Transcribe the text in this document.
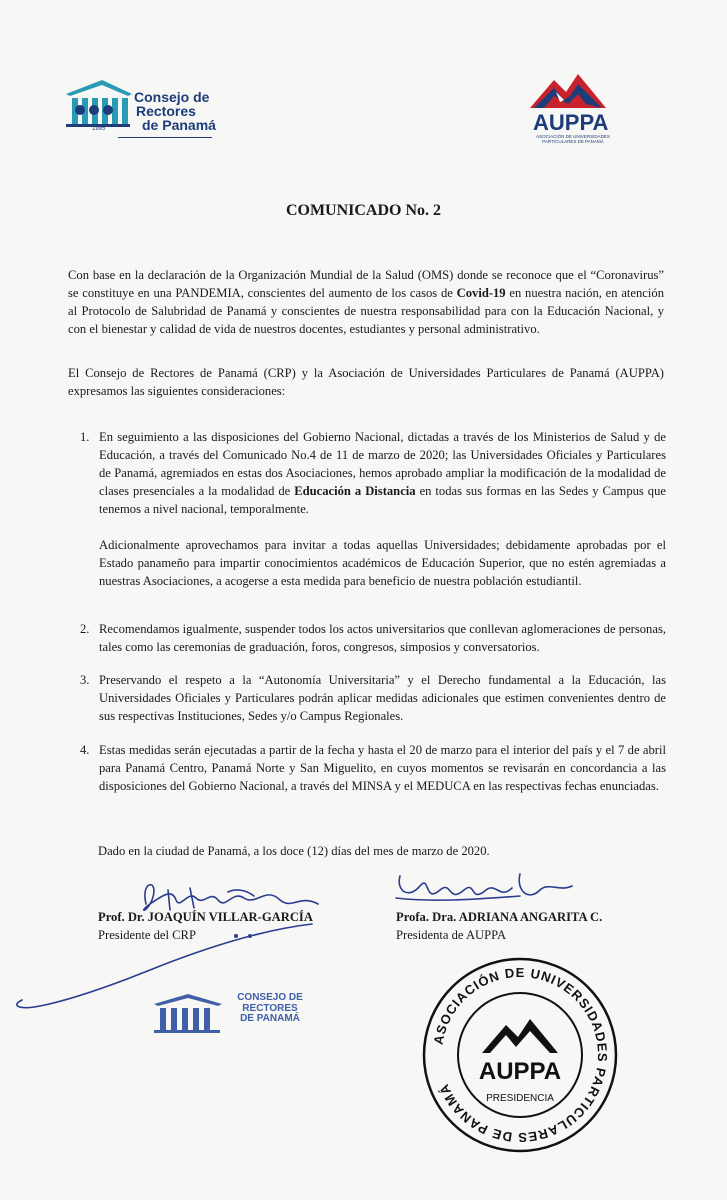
Consejo de
Rectores
de Panamá
1995	AUPPA
ASOCIACIÓN DE UNIVERSIDADES PARTICULARES DE PANAMÁ
COMUNICADO No. 2
Con base en la declaración de la Organización Mundial de la Salud (OMS) donde se reconoce que el “Coronavirus” se constituye en una PANDEMIA, conscientes del aumento de los casos de Covid-19 en nuestra nación, en atención al Protocolo de Salubridad de Panamá y conscientes de nuestra responsabilidad para con la Educación Nacional, y con el bienestar y calidad de vida de nuestros docentes, estudiantes y personal administrativo.
El Consejo de Rectores de Panamá (CRP) y la Asociación de Universidades Particulares de Panamá (AUPPA) expresamos las siguientes consideraciones:
1. En seguimiento a las disposiciones del Gobierno Nacional, dictadas a través de los Ministerios de Salud y de Educación, a través del Comunicado No.4 de 11 de marzo de 2020; las Universidades Oficiales y Particulares de Panamá, agremiados en estas dos Asociaciones, hemos aprobado ampliar la modificación de la modalidad de clases presenciales a la modalidad de Educación a Distancia en todas sus formas en las Sedes y Campus que tenemos a nivel nacional, temporalmente.
Adicionalmente aprovechamos para invitar a todas aquellas Universidades; debidamente aprobadas por el Estado panameño para impartir conocimientos académicos de Educación Superior, que no estén agremiadas a nuestras Asociaciones, a acogerse a esta medida para beneficio de nuestra población estudiantil.
2. Recomendamos igualmente, suspender todos los actos universitarios que conllevan aglomeraciones de personas, tales como las ceremonias de graduación, foros, congresos, simposios y conversatorios.
3. Preservando el respeto a la “Autonomía Universitaria” y el Derecho fundamental a la Educación, las Universidades Oficiales y Particulares podrán aplicar medidas adicionales que estimen convenientes dentro de sus respectivas Instituciones, Sedes y/o Campus Regionales.
4. Estas medidas serán ejecutadas a partir de la fecha y hasta el 20 de marzo para el interior del país y el 7 de abril para Panamá Centro, Panamá Norte y San Miguelito, en cuyos momentos se revisarán en concordancia a las disposiciones del Gobierno Nacional, a través del MINSA y el MEDUCA en las respectivas fechas enunciadas.
Dado en la ciudad de Panamá, a los doce (12) días del mes de marzo de 2020.
Prof. Dr. JOAQUÍN VILLAR-GARCÍA
Presidente del CRP
Profa. Dra. ADRIANA ANGARITA C.
Presidenta de AUPPA
CONSEJO DE
RECTORES
DE PANAMÁ
ASOCIACIÓN DE UNIVERSIDADES PARTICULARES DE PANAMÁ
AUPPA
PRESIDENCIA
